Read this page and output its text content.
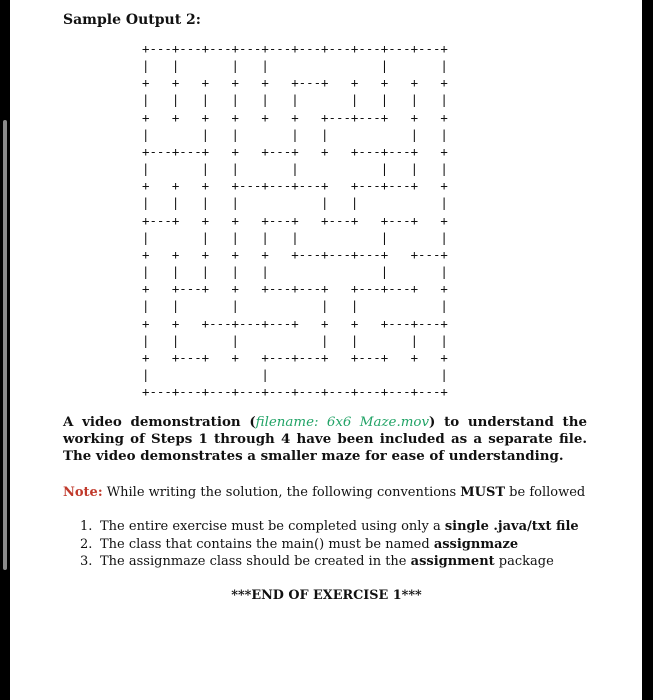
Sample Output 2:
+---+---+---+---+---+---+---+---+---+---+
|   |       |   |               |       |
+   +   +   +   +   +---+   +   +   +   +
|   |   |   |   |   |       |   |   |   |
+   +   +   +   +   +   +---+---+   +   +
|       |   |       |   |           |   |
+---+---+   +   +---+   +   +---+---+   +
|       |   |       |           |   |   |
+   +   +   +---+---+---+   +---+---+   +
|   |   |   |           |   |           |
+---+   +   +   +---+   +---+   +---+   +
|       |   |   |   |           |       |
+   +   +   +   +   +---+---+---+   +---+
|   |   |   |   |               |       |
+   +---+   +   +---+---+   +---+---+   +
|   |       |           |   |           |
+   +   +---+---+---+   +   +   +---+---+
|   |       |           |   |       |   |
+   +---+   +   +---+---+   +---+   +   +
|               |                       |
+---+---+---+---+---+---+---+---+---+---+
A video demonstration (filename: 6x6 Maze.mov) to understand the working of Steps 1 through 4 have been included as a separate file. The video demonstrates a smaller maze for ease of understanding.
Note: While writing the solution, the following conventions MUST be followed
1. The entire exercise must be completed using only a single .java/txt file
2. The class that contains the main() must be named assignmaze
3. The assignmaze class should be created in the assignment package
***END OF EXERCISE 1***
